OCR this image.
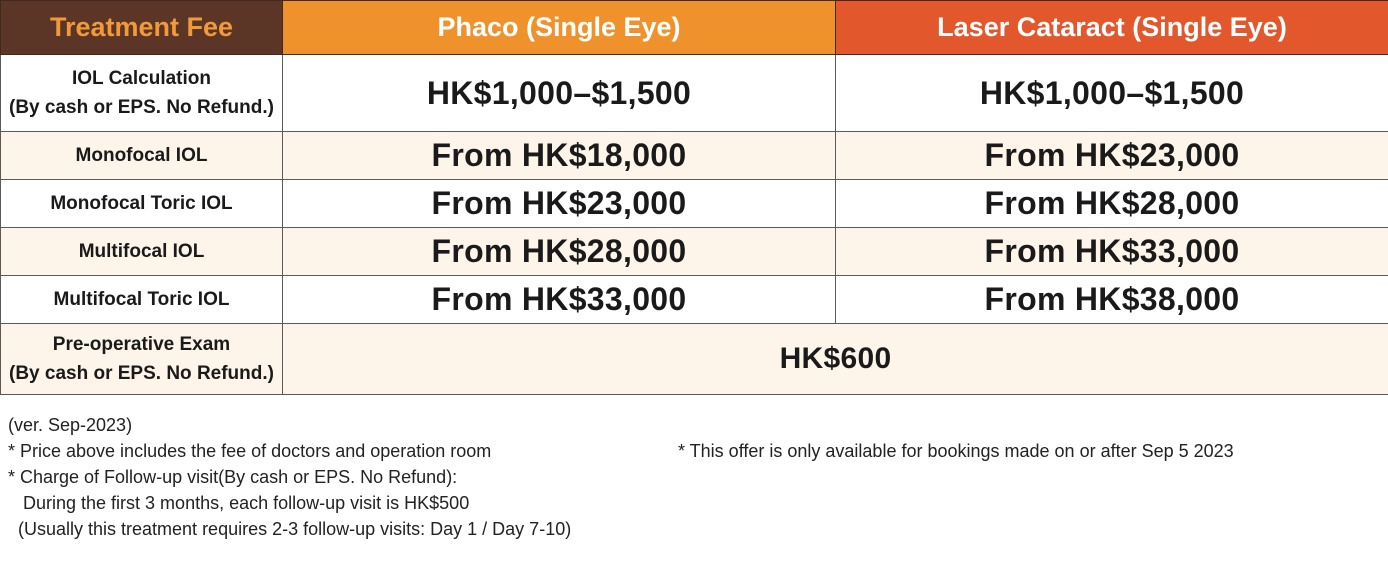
Treatment Fee	Phaco (Single Eye)	Laser Cataract (Single Eye)

IOL Calculation
(By cash or EPS. No Refund.)	HK$1,000–$1,500	HK$1,000–$1,500
Monofocal IOL	From HK$18,000	From HK$23,000
Monofocal Toric IOL	From HK$23,000	From HK$28,000
Multifocal IOL	From HK$28,000	From HK$33,000
Multifocal Toric IOL	From HK$33,000	From HK$38,000

Pre-operative Exam
(By cash or EPS. No Refund.)	HK$600	
(ver. Sep-2023)
* Price above includes the fee of doctors and operation room
* Charge of Follow-up visit(By cash or EPS. No Refund):
During the first 3 months, each follow-up visit is HK$500
(Usually this treatment requires 2-3 follow-up visits: Day 1 / Day 7-10)
* This offer is only available for bookings made on or after Sep 5 2023
